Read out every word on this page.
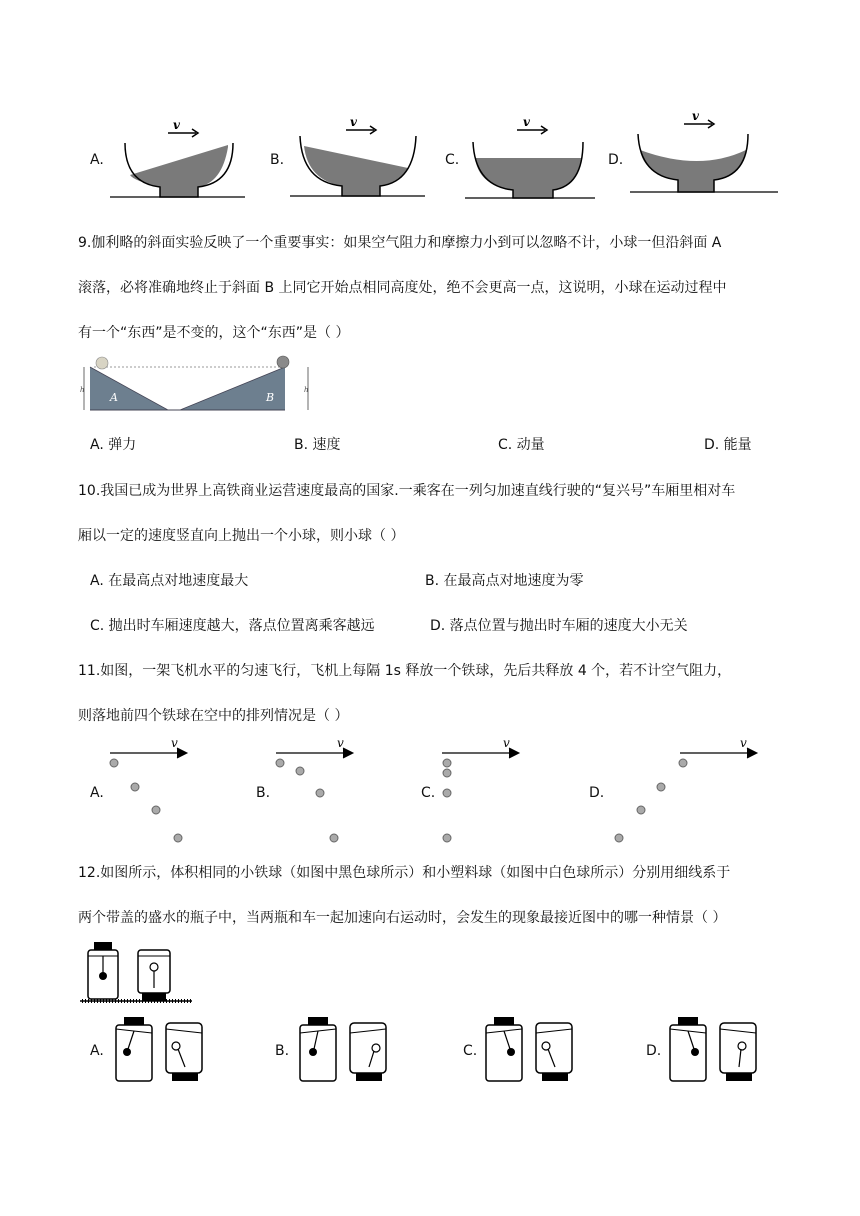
A.	B.	C.	D.
v	v	v	v
9.伽利略的斜面实验反映了一个重要事实：如果空气阻力和摩擦力小到可以忽略不计，小球一但沿斜面 A
滚落，必将准确地终止于斜面 B 上同它开始点相同高度处，绝不会更高一点，这说明，小球在运动过程中
有一个“东西”是不变的，这个“东西”是（ ）
A	B
h	h
A. 弹力	B. 速度	C. 动量	D. 能量
10.我国已成为世界上高铁商业运营速度最高的国家.一乘客在一列匀加速直线行驶的“复兴号”车厢里相对车
厢以一定的速度竖直向上抛出一个小球，则小球（ ）
A. 在最高点对地速度最大	B. 在最高点对地速度为零
C. 抛出时车厢速度越大，落点位置离乘客越远	D. 落点位置与抛出时车厢的速度大小无关
11.如图，一架飞机水平的匀速飞行，飞机上每隔 1s 释放一个铁球，先后共释放 4 个，若不计空气阻力，
则落地前四个铁球在空中的排列情况是（ ）
A.	B.	C.	D.
v	v	v	v
12.如图所示，体积相同的小铁球（如图中黑色球所示）和小塑料球（如图中白色球所示）分别用细线系于
两个带盖的盛水的瓶子中，当两瓶和车一起加速向右运动时，会发生的现象最接近图中的哪一种情景（ ）
A.	B.	C.	D.
